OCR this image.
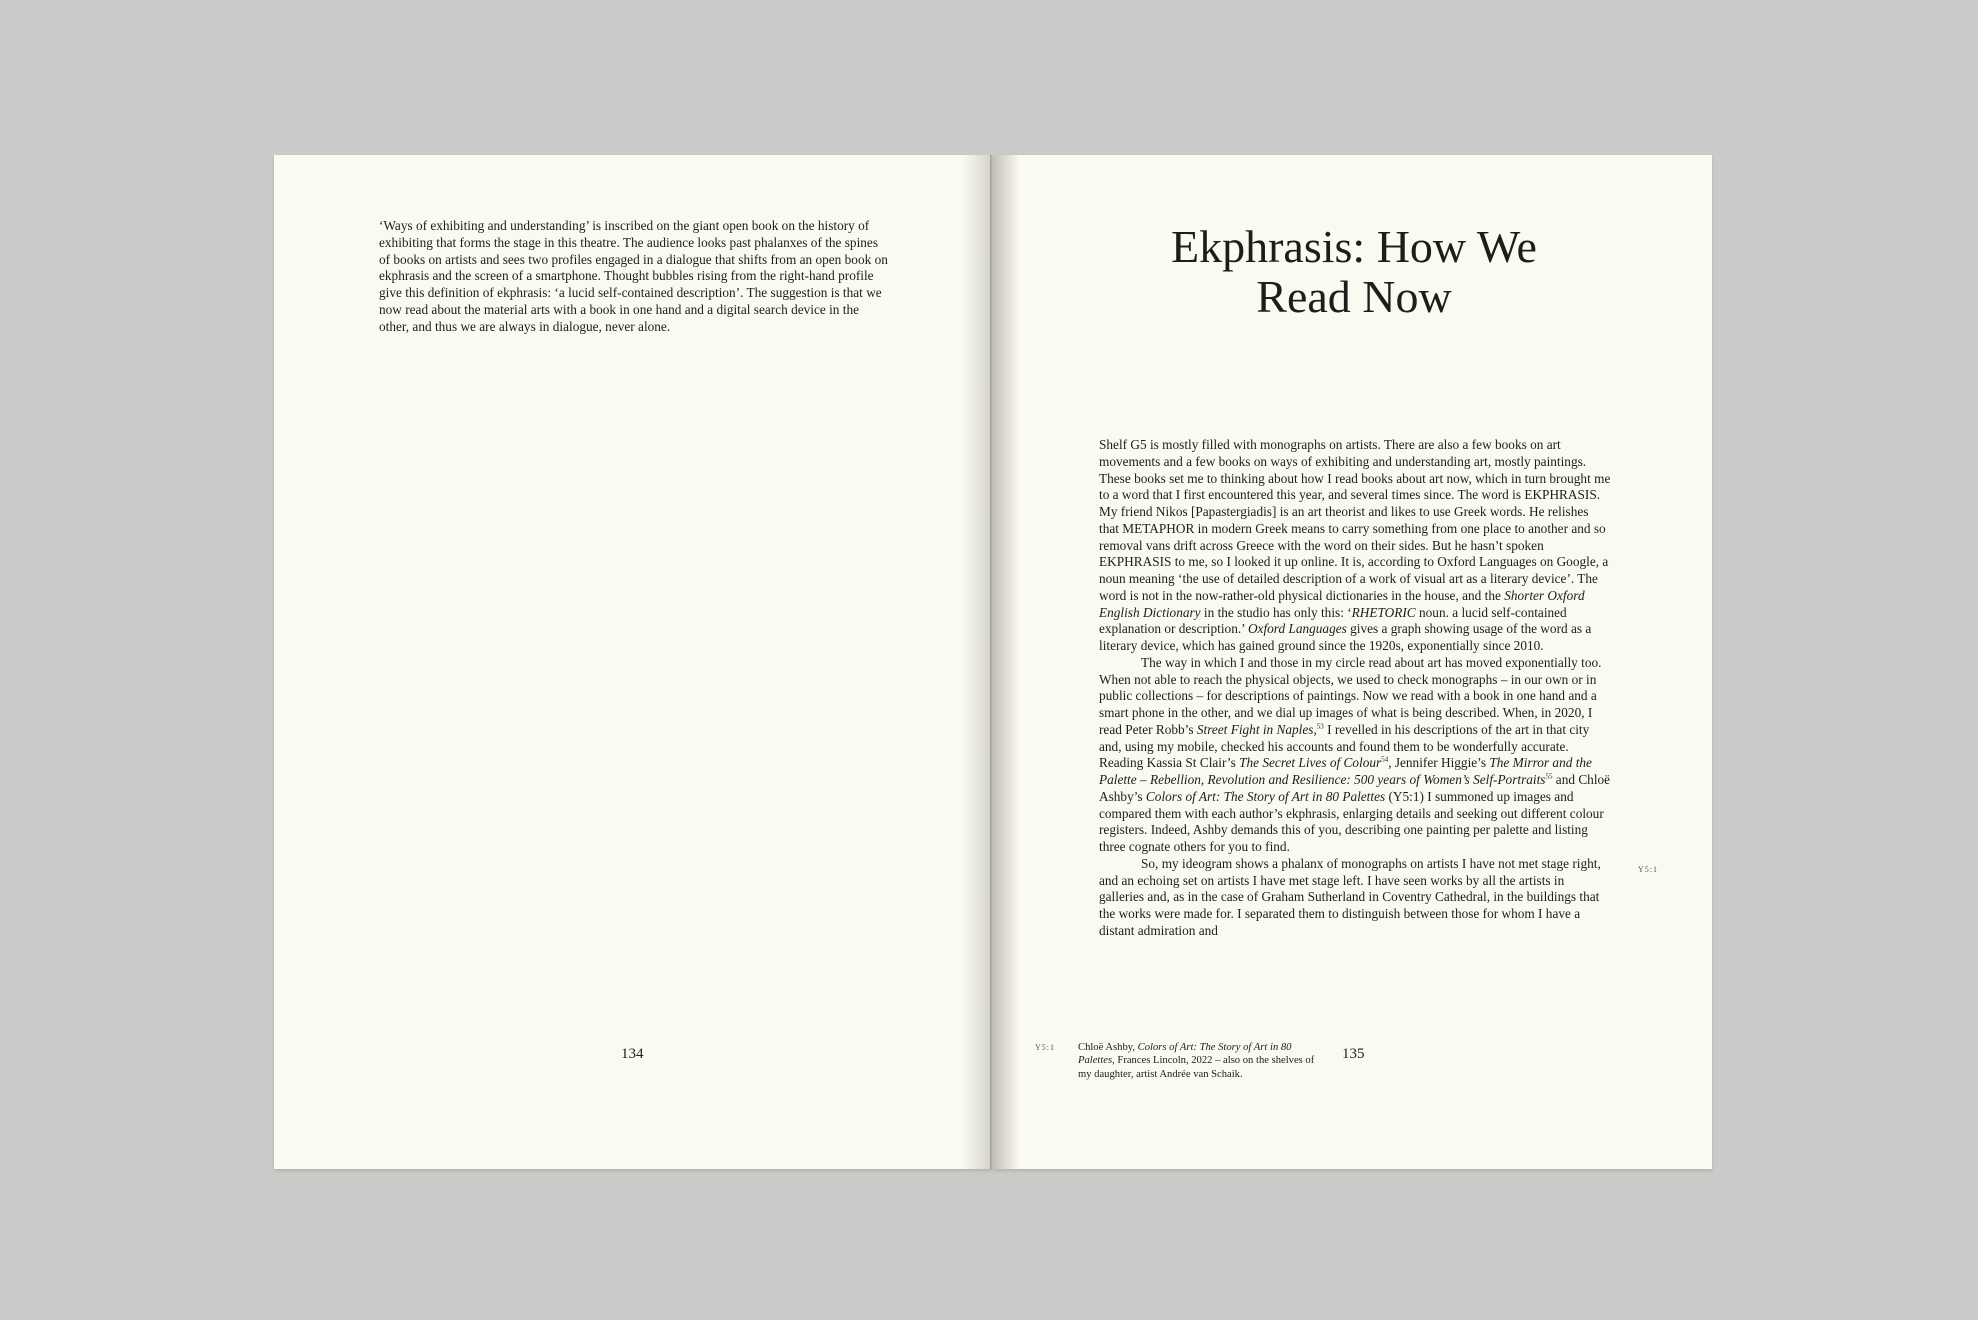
‘Ways of exhibiting and understanding’ is inscribed on the giant open book on the history of exhibiting that forms the stage in this theatre. The audience looks past phalanxes of the spines of books on artists and sees two profiles engaged in a dialogue that shifts from an open book on ekphrasis and the screen of a smartphone. Thought bubbles rising from the right-hand profile give this definition of ekphrasis: ‘a lucid self-contained description’. The suggestion is that we now read about the material arts with a book in one hand and a digital search device in the other, and thus we are always in dialogue, never alone.

134
Ekphrasis: How We
Read Now

Shelf G5 is mostly filled with monographs on artists. There are also a few books on art movements and a few books on ways of exhibiting and understanding art, mostly paintings. These books set me to thinking about how I read books about art now, which in turn brought me to a word that I first encountered this year, and several times since. The word is EKPHRASIS. My friend Nikos [Papastergiadis] is an art theorist and likes to use Greek words. He relishes that METAPHOR in modern Greek means to carry something from one place to another and so removal vans drift across Greece with the word on their sides. But he hasn’t spoken EKPHRASIS to me, so I looked it up online. It is, according to Oxford Languages on Google, a noun meaning ‘the use of detailed description of a work of visual art as a literary device’. The word is not in the now-rather-old physical dictionaries in the house, and the Shorter Oxford English Dictionary in the studio has only this: ‘RHETORIC noun. a lucid self-contained explanation or description.’ Oxford Languages gives a graph showing usage of the word as a literary device, which has gained ground since the 1920s, exponentially since 2010.

The way in which I and those in my circle read about art has moved exponentially too. When not able to reach the physical objects, we used to check monographs – in our own or in public collections – for descriptions of paintings. Now we read with a book in one hand and a smart phone in the other, and we dial up images of what is being described. When, in 2020, I read Peter Robb’s Street Fight in Naples,$^{53}$ I revelled in his descriptions of the art in that city and, using my mobile, checked his accounts and found them to be wonderfully accurate. Reading Kassia St Clair’s The Secret Lives of Colour$^{54}$, Jennifer Higgie’s The Mirror and the Palette – Rebellion, Revolution and Resilience: 500 years of Women’s Self-Portraits$^{55}$ and Chloë Ashby’s Colors of Art: The Story of Art in 80 Palettes (Y5:1) I summoned up images and compared them with each author’s ekphrasis, enlarging details and seeking out different colour registers. Indeed, Ashby demands this of you, describing one painting per palette and listing three cognate others for you to find.

So, my ideogram shows a phalanx of monographs on artists I have not met stage right, and an echoing set on artists I have met stage left. I have seen works by all the artists in galleries and, as in the case of Graham Sutherland in Coventry Cathedral, in the buildings that the works were made for. I separated them to distinguish between those for whom I have a distant admiration and

Y5:1
Y5:1 Chloë Ashby, Colors of Art: The Story of Art in 80 Palettes, Frances Lincoln, 2022 – also on the shelves of my daughter, artist Andrée van Schaik.
135
